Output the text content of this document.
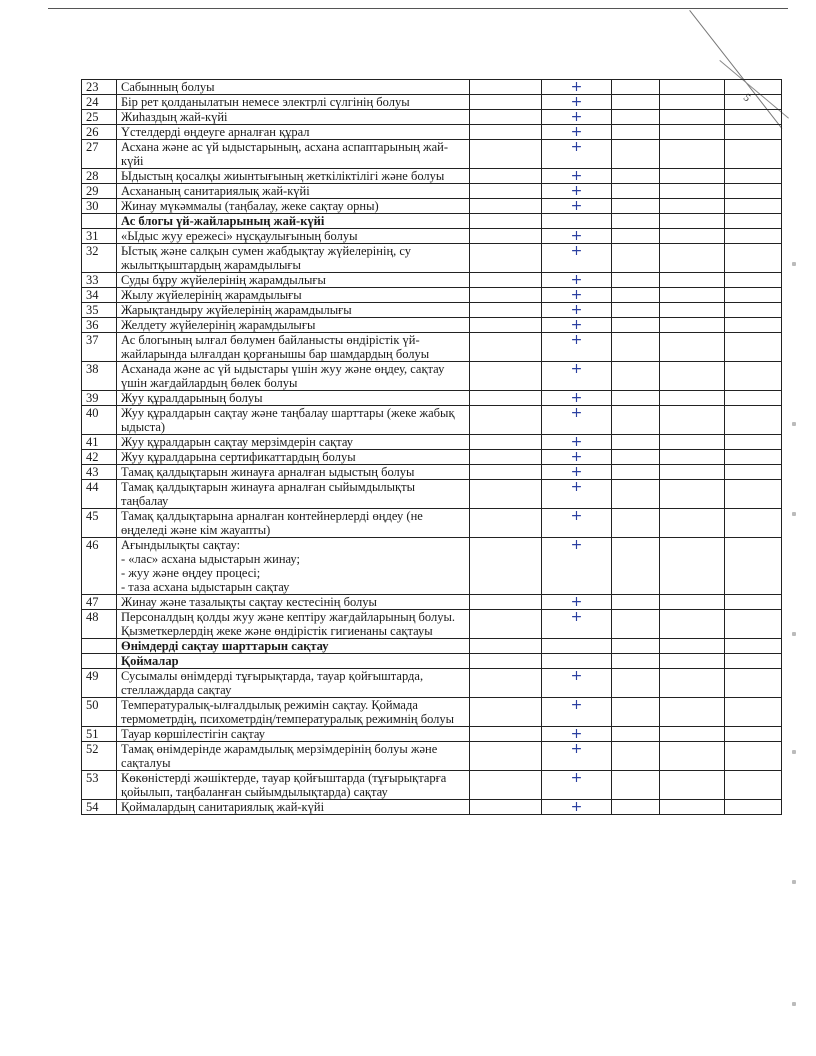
5
23	Сабынның болуы		+			
24	Бір рет қолданылатын немесе электрлі сүлгінің болуы		+			
25	Жиһаздың жай-күйі		+			
26	Үстелдерді өңдеуге арналған құрал		+			
27	Асхана және ас үй ыдыстарының, асхана аспаптарының жай-күйі		+			
28	Ыдыстың қосалқы жиынтығының жеткіліктілігі және болуы		+			
29	Асхананың санитариялық жай-күйі		+			
30	Жинау мүкәммалы (таңбалау, жеке сақтау орны)		+			
	Ас блогы үй-жайларының жай-күйі					
31	«Ыдыс жуу ережесі» нұсқаулығының болуы		+			
32	Ыстық және салқын сумен жабдықтау жүйелерінің, су жылытқыштардың жарамдылығы		+			
33	Суды бұру жүйелерінің жарамдылығы		+			
34	Жылу жүйелерінің жарамдылығы		+			
35	Жарықтандыру жүйелерінің жарамдылығы		+			
36	Желдету жүйелерінің жарамдылығы		+			
37	Ас блогының ылғал бөлумен байланысты өндірістік үй-жайларында ылғалдан қорғанышы бар шамдардың болуы		+			
38	Асханада және ас үй ыдыстары үшін жуу және өңдеу, сақтау үшін жағдайлардың бөлек болуы		+			
39	Жуу құралдарының болуы		+			
40	Жуу құралдарын сақтау және таңбалау шарттары (жеке жабық ыдыста)		+			
41	Жуу құралдарын сақтау мерзімдерін сақтау		+			
42	Жуу құралдарына сертификаттардың болуы		+			
43	Тамақ қалдықтарын жинауға арналған ыдыстың болуы		+			
44	Тамақ қалдықтарын жинауға арналған сыйымдылықты таңбалау		+			
45	Тамақ қалдықтарына арналған контейнерлерді өңдеу (не өңделеді және кім жауапты)		+			
46	Ағындылықты сақтау:
- «лас» асхана ыдыстарын жинау;
- жуу және өңдеу процесі;
- таза асхана ыдыстарын сақтау		+			
47	Жинау және тазалықты сақтау кестесінің болуы		+			
48	Персоналдың қолды жуу және кептіру жағдайларының болуы. Қызметкерлердің жеке және өндірістік гигиенаны сақтауы		+			
	Өнімдерді сақтау шарттарын сақтау					
	Қоймалар					
49	Сусымалы өнімдерді тұғырықтарда, тауар қойғыштарда, стеллаждарда сақтау		+			
50	Температуралық-ылғалдылық режимін сақтау. Қоймада термометрдің, психометрдің/температуралық режимнің болуы		+			
51	Тауар көршілестігін сақтау		+			
52	Тамақ өнімдерінде жарамдылық мерзімдерінің болуы және сақталуы		+			
53	Көкөністерді жәшіктерде, тауар қойғыштарда (тұғырықтарға қойылып, таңбаланған сыйымдылықтарда) сақтау		+			
54	Қоймалардың санитариялық жай-күйі		+			
